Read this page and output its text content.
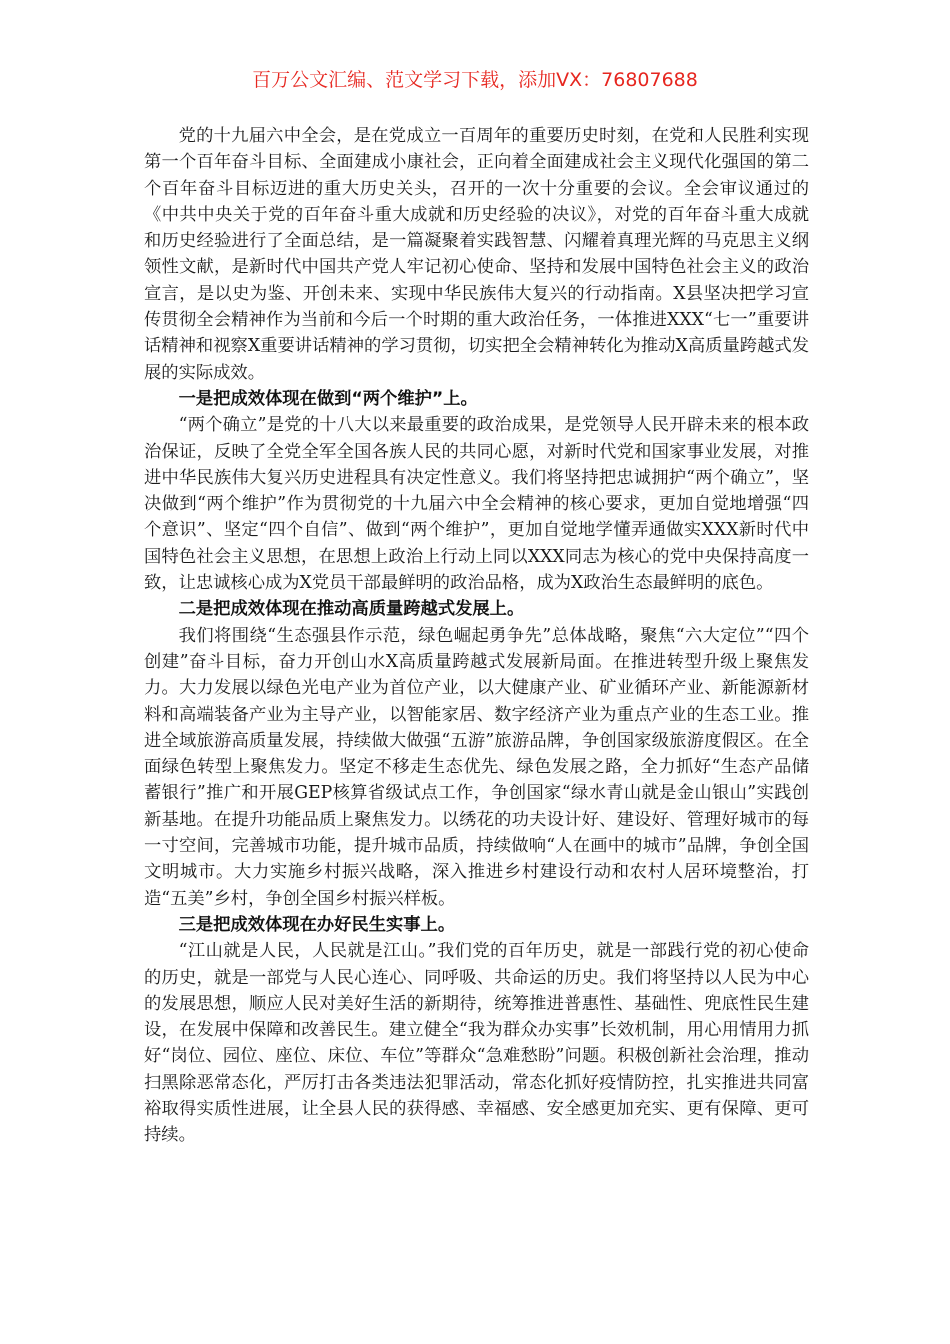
百万公文汇编、范文学习下载，添加VX：76807688

党的十九届六中全会，是在党成立一百周年的重要历史时刻，在党和人民胜利实现第一个百年奋斗目标、全面建成小康社会，正向着全面建成社会主义现代化强国的第二个百年奋斗目标迈进的重大历史关头，召开的一次十分重要的会议。全会审议通过的《中共中央关于党的百年奋斗重大成就和历史经验的决议》，对党的百年奋斗重大成就和历史经验进行了全面总结，是一篇凝聚着实践智慧、闪耀着真理光辉的马克思主义纲领性文献，是新时代中国共产党人牢记初心使命、坚持和发展中国特色社会主义的政治宣言，是以史为鉴、开创未来、实现中华民族伟大复兴的行动指南。X县坚决把学习宣传贯彻全会精神作为当前和今后一个时期的重大政治任务，一体推进XXX“七一”重要讲话精神和视察X重要讲话精神的学习贯彻，切实把全会精神转化为推动X高质量跨越式发展的实际成效。

一是把成效体现在做到“两个维护”上。

“两个确立”是党的十八大以来最重要的政治成果，是党领导人民开辟未来的根本政治保证，反映了全党全军全国各族人民的共同心愿，对新时代党和国家事业发展，对推进中华民族伟大复兴历史进程具有决定性意义。我们将坚持把忠诚拥护“两个确立”，坚决做到“两个维护”作为贯彻党的十九届六中全会精神的核心要求，更加自觉地增强“四个意识”、坚定“四个自信”、做到“两个维护”，更加自觉地学懂弄通做实XXX新时代中国特色社会主义思想，在思想上政治上行动上同以XXX同志为核心的党中央保持高度一致，让忠诚核心成为X党员干部最鲜明的政治品格，成为X政治生态最鲜明的底色。

二是把成效体现在推动高质量跨越式发展上。

我们将围绕“生态强县作示范，绿色崛起勇争先”总体战略，聚焦“六大定位”“四个创建”奋斗目标，奋力开创山水X高质量跨越式发展新局面。在推进转型升级上聚焦发力。大力发展以绿色光电产业为首位产业，以大健康产业、矿业循环产业、新能源新材料和高端装备产业为主导产业，以智能家居、数字经济产业为重点产业的生态工业。推进全域旅游高质量发展，持续做大做强“五游”旅游品牌，争创国家级旅游度假区。在全面绿色转型上聚焦发力。坚定不移走生态优先、绿色发展之路，全力抓好“生态产品储蓄银行”推广和开展GEP核算省级试点工作，争创国家“绿水青山就是金山银山”实践创新基地。在提升功能品质上聚焦发力。以绣花的功夫设计好、建设好、管理好城市的每一寸空间，完善城市功能，提升城市品质，持续做响“人在画中的城市”品牌，争创全国文明城市。大力实施乡村振兴战略，深入推进乡村建设行动和农村人居环境整治，打造“五美”乡村，争创全国乡村振兴样板。

三是把成效体现在办好民生实事上。

“江山就是人民，人民就是江山。”我们党的百年历史，就是一部践行党的初心使命的历史，就是一部党与人民心连心、同呼吸、共命运的历史。我们将坚持以人民为中心的发展思想，顺应人民对美好生活的新期待，统筹推进普惠性、基础性、兜底性民生建设，在发展中保障和改善民生。建立健全“我为群众办实事”长效机制，用心用情用力抓好“岗位、园位、座位、床位、车位”等群众“急难愁盼”问题。积极创新社会治理，推动扫黑除恶常态化，严厉打击各类违法犯罪活动，常态化抓好疫情防控，扎实推进共同富裕取得实质性进展，让全县人民的获得感、幸福感、安全感更加充实、更有保障、更可持续。
